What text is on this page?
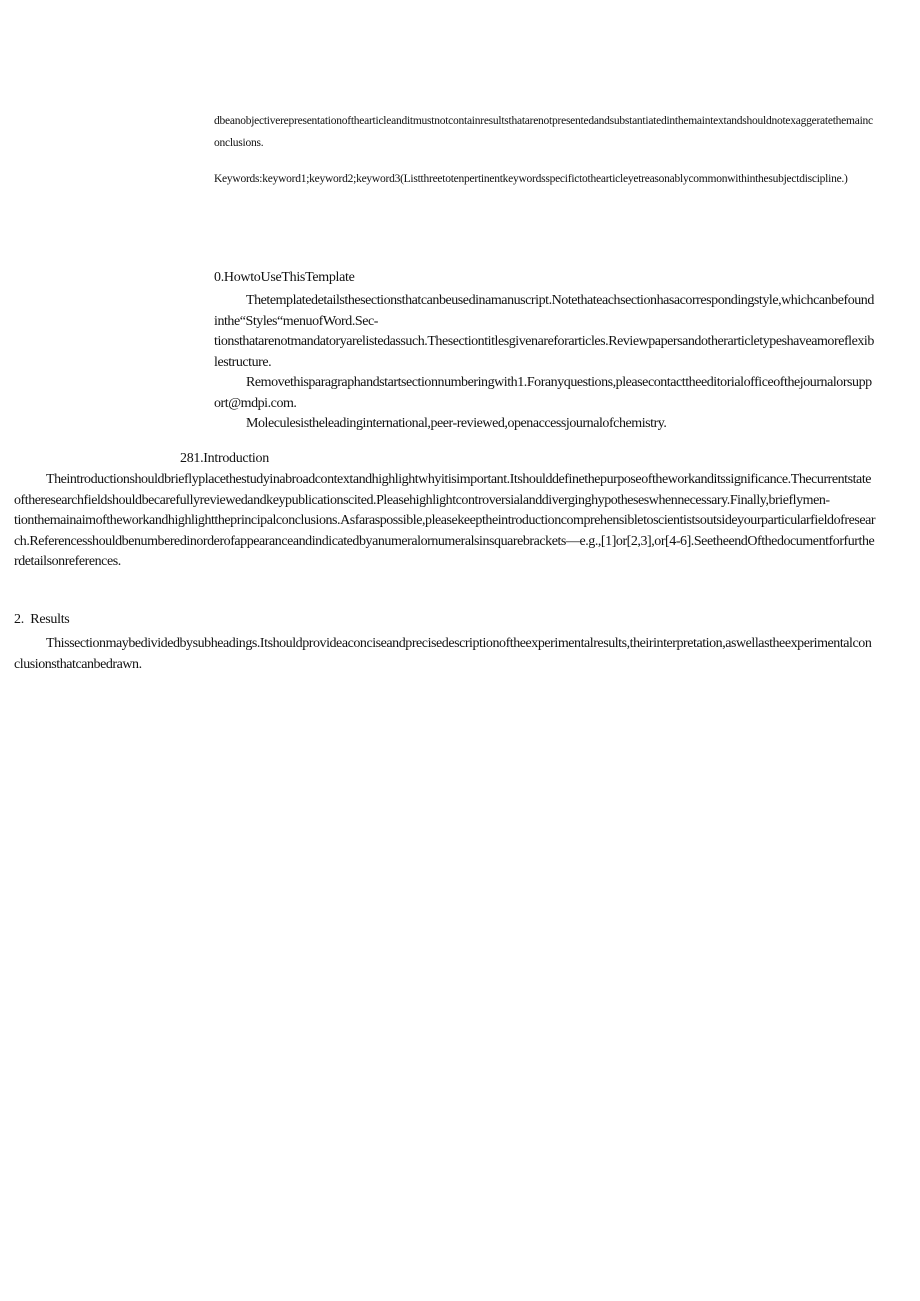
dbeanobjectiverepresentationofthearticleanditmustnotcontainresultsthatarenotpresentedandsubstantiatedinthemaintextandshouldnotexaggeratethemainconclusions.

Keywords:keyword1;keyword2;keyword3(Listthreetotenpertinentkeywordsspecifictothearticleyetreasonablycommonwithinthesubjectdiscipline.)

0.HowtoUseThisTemplate

Thetemplatedetailsthesectionsthatcanbeusedinamanuscript.Notethateachsectionhasacorrespondingstyle,whichcanbefoundinthe“Styles“menuofWord.Sec-

tionsthatarenotmandatoryarelistedassuch.Thesectiontitlesgivenareforarticles.Reviewpapersandotherarticletypeshaveamoreflexiblestructure.

Removethisparagraphandstartsectionnumberingwith1.Foranyquestions,pleasecontacttheeditorialofficeofthejournalorsupport@mdpi.com.

Moleculesistheleadinginternational,peer-reviewed,openaccessjournalofchemistry.

281.Introduction

Theintroductionshouldbrieflyplacethestudyinabroadcontextandhighlightwhyitisimportant.Itshoulddefinethepurposeoftheworkanditssignificance.Thecurrentstateoftheresearchfieldshouldbecarefullyreviewedandkeypublicationscited.Pleasehighlightcontroversialanddiverginghypotheseswhennecessary.Finally,brieflymen-

tionthemainaimoftheworkandhighlighttheprincipalconclusions.Asfaraspossible,pleasekeeptheintroductioncomprehensibletoscientistsoutsideyourparticularfieldofresearch.Referencesshouldbenumberedinorderofappearanceandindicatedbyanumeralornumeralsinsquarebrackets—e.g.,[1]or[2,3],or[4-6].SeetheendOfthedocumentforfurtherdetailsonreferences.

2.  Results

Thissectionmaybedividedbysubheadings.Itshouldprovideaconciseandprecisedescriptionoftheexperimentalresults,theirinterpretation,aswellastheexperimentalconclusionsthatcanbedrawn.
